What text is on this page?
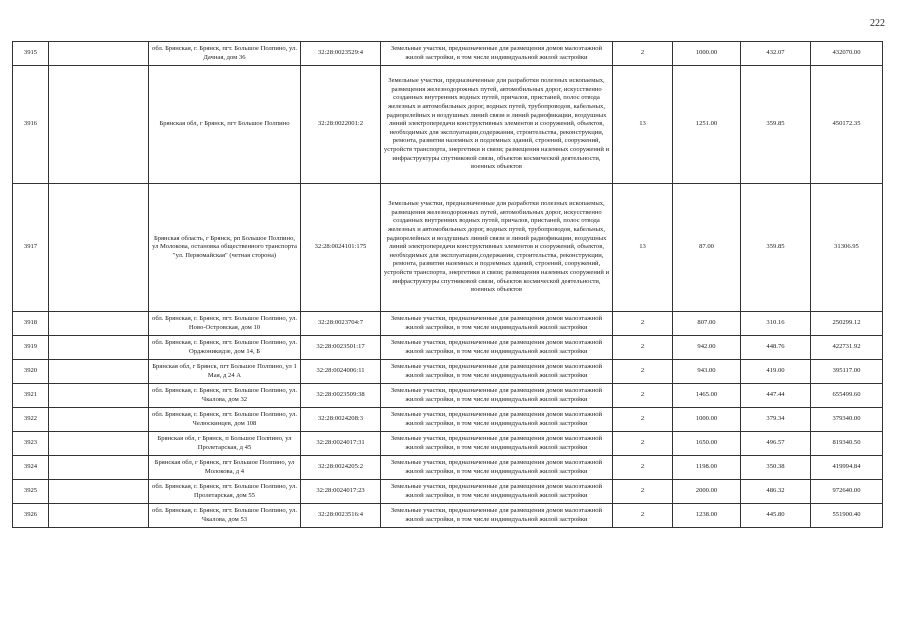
222
3915		обл. Брянская, г. Брянск, пгт. Большое Полпино, ул. Дачная, дом 36	32:28:0023529:4	Земельные участки, предназначенные для размещения домов малоэтажной жилой застройки, в том числе индивидуальной жилой застройки	2	1000.00	432.07	432070.00
3916		Брянская обл, г Брянск, пгт Большое Полпино	32:28:0022001:2	Земельные участки, предназначенные для разработки полезных ископаемых, размещения железнодорожных путей, автомобильных дорог, искусственно созданных внутренних водных путей, причалов, пристаней, полос отвода железных и автомобильных дорог, водных путей, трубопроводов, кабельных, радиорелейных и воздушных линий связи и линий радиофикации, воздушных линий электропередачи конструктивных элементов и сооружений, объектов, необходимых для эксплуатации,содержания, строительства, реконструкции, ремонта, развития наземных и подземных зданий, строений, сооружений, устройств транспорта, энергетики и связи; размещения наземных сооружений и инфраструктуры спутниковой связи, объектов космической деятельности, военных объектов	13	1251.00	359.85	450172.35
3917		Брянская область, г Брянск, рп Большое Полпино, ул Молокова, остановка общественного транспорта "ул. Первомайская" (четная сторона)	32:28:0024101:175	Земельные участки, предназначенные для разработки полезных ископаемых, размещения железнодорожных путей, автомобильных дорог, искусственно созданных внутренних водных путей, причалов, пристаней, полос отвода железных и автомобильных дорог, водных путей, трубопроводов, кабельных, радиорелейных и воздушных линий связи и линий радиофикации, воздушных линий электропередачи конструктивных элементов и сооружений, объектов, необходимых для эксплуатации,содержания, строительства, реконструкции, ремонта, развития наземных и подземных зданий, строений, сооружений, устройств транспорта, энергетики и связи; размещения наземных сооружений и инфраструктуры спутниковой связи, объектов космической деятельности, военных объектов	13	87.00	359.85	31306.95
3918		обл. Брянская, г. Брянск, пгт. Большое Полпино, ул. Ново-Островская, дом 10	32:28:0023704:7	Земельные участки, предназначенные для размещения домов малоэтажной жилой застройки, в том числе индивидуальной жилой застройки	2	807.00	310.16	250299.12
3919		обл. Брянская, г. Брянск, пгт. Большое Полпино, ул. Орджоникидзе, дом 14, Б	32:28:0023501:17	Земельные участки, предназначенные для размещения домов малоэтажной жилой застройки, в том числе индивидуальной жилой застройки	2	942.00	448.76	422731.92
3920		Брянская обл, г Брянск, пгт Большое Полпино, ул 1 Мая, д 24 А	32:28:0024006:11	Земельные участки, предназначенные для размещения домов малоэтажной жилой застройки, в том числе индивидуальной жилой застройки	2	943.00	419.00	395117.00
3921		обл. Брянская, г. Брянск, пгт. Большое Полпино, ул. Чкалова, дом 32	32:28:0023509:38	Земельные участки, предназначенные для размещения домов малоэтажной жилой застройки, в том числе индивидуальной жилой застройки	2	1465.00	447.44	655499.60
3922		обл. Брянская, г. Брянск, пгт. Большое Полпино, ул. Челюскинцев, дом 108	32:28:0024208:3	Земельные участки, предназначенные для размещения домов малоэтажной жилой застройки, в том числе индивидуальной жилой застройки	2	1000.00	379.34	379340.00
3923		Брянская обл, г Брянск, п Большое Полпино, ул Пролетарская, д 45	32:28:0024017:31	Земельные участки, предназначенные для размещения домов малоэтажной жилой застройки, в том числе индивидуальной жилой застройки	2	1650.00	496.57	819340.50
3924		Брянская обл, г Брянск, пгт Большое Полпино, ул Молокова, д 4	32:28:0024205:2	Земельные участки, предназначенные для размещения домов малоэтажной жилой застройки, в том числе индивидуальной жилой застройки	2	1198.00	350.38	419994.84
3925		обл. Брянская, г. Брянск, пгт. Большое Полпино, ул. Пролетарская, дом 55	32:28:0024017:23	Земельные участки, предназначенные для размещения домов малоэтажной жилой застройки, в том числе индивидуальной жилой застройки	2	2000.00	486.32	972640.00
3926		обл. Брянская, г. Брянск, пгт. Большое Полпино, ул. Чкалова, дом 53	32:28:0023516:4	Земельные участки, предназначенные для размещения домов малоэтажной жилой застройки, в том числе индивидуальной жилой застройки	2	1238.00	445.80	551900.40
